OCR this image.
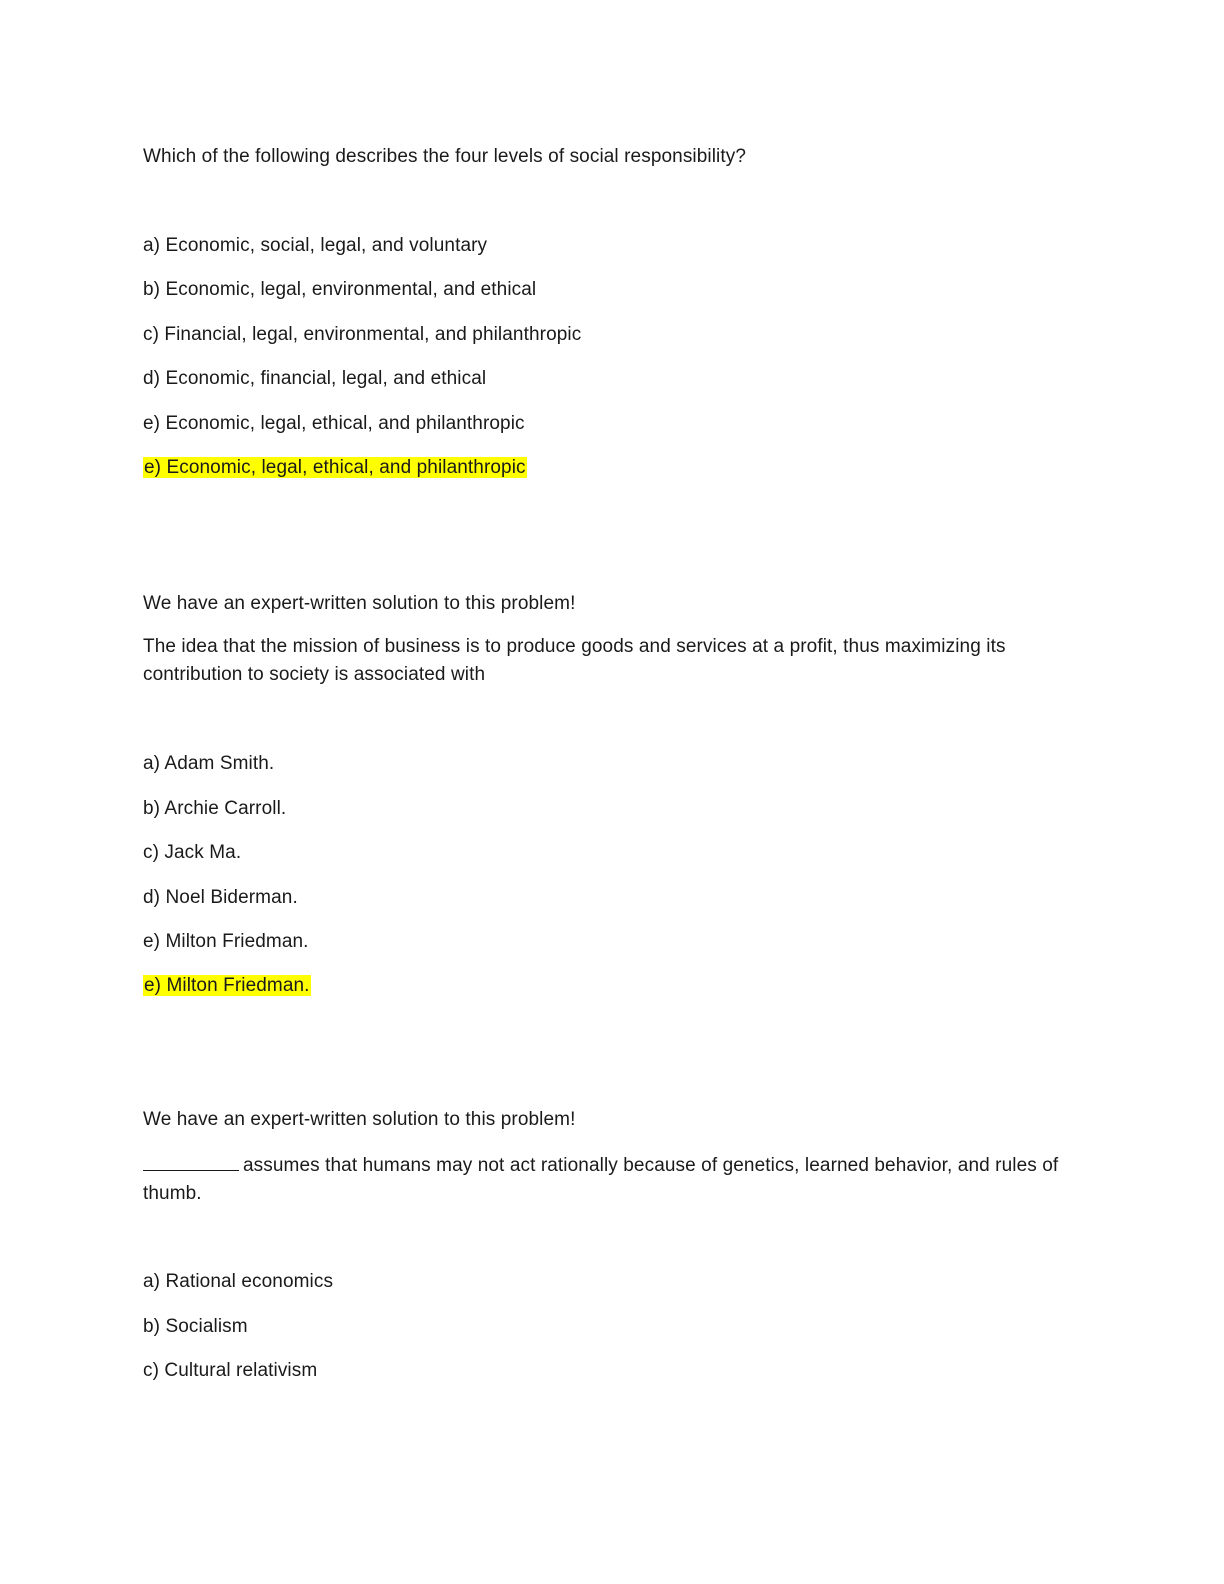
Which of the following describes the four levels of social responsibility?
a) Economic, social, legal, and voluntary
b) Economic, legal, environmental, and ethical
c) Financial, legal, environmental, and philanthropic
d) Economic, financial, legal, and ethical
e) Economic, legal, ethical, and philanthropic
e) Economic, legal, ethical, and philanthropic
We have an expert-written solution to this problem!
The idea that the mission of business is to produce goods and services at a profit, thus maximizing its contribution to society is associated with
a) Adam Smith.
b) Archie Carroll.
c) Jack Ma.
d) Noel Biderman.
e) Milton Friedman.
e) Milton Friedman.
We have an expert-written solution to this problem!
assumes that humans may not act rationally because of genetics, learned behavior, and rules of thumb.
a) Rational economics
b) Socialism
c) Cultural relativism
